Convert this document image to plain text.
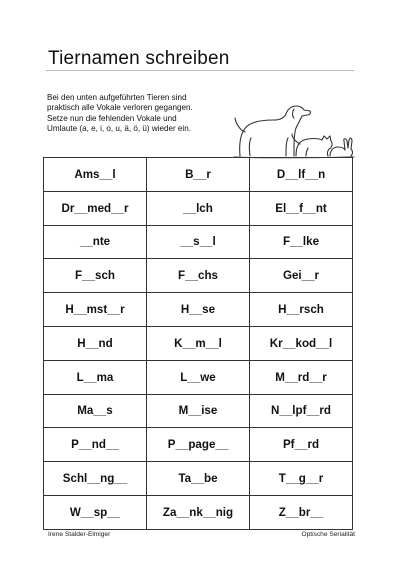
Tiernamen schreiben
Bei den unten aufgeführten Tieren sind
praktisch alle Vokale verloren gegangen.
Setze nun die fehlenden Vokale und
Umlaute (a, e, i, o, u, ä, ö, ü) wieder ein.
Ams__l	B__r	D__lf__n
Dr__med__r	__lch	El__f__nt
__nte	__s__l	F__lke
F__sch	F__chs	Gei__r
H__mst__r	H__se	H__rsch
H__nd	K__m__l	Kr__kod__l
L__ma	L__we	M__rd__r
Ma__s	M__ise	N__lpf__rd
P__nd__	P__page__	Pf__rd
Schl__ng__	Ta__be	T__g__r
W__sp__	Za__nk__nig	Z__br__
Irene Stalder-Elmiger	Optische Serialität
